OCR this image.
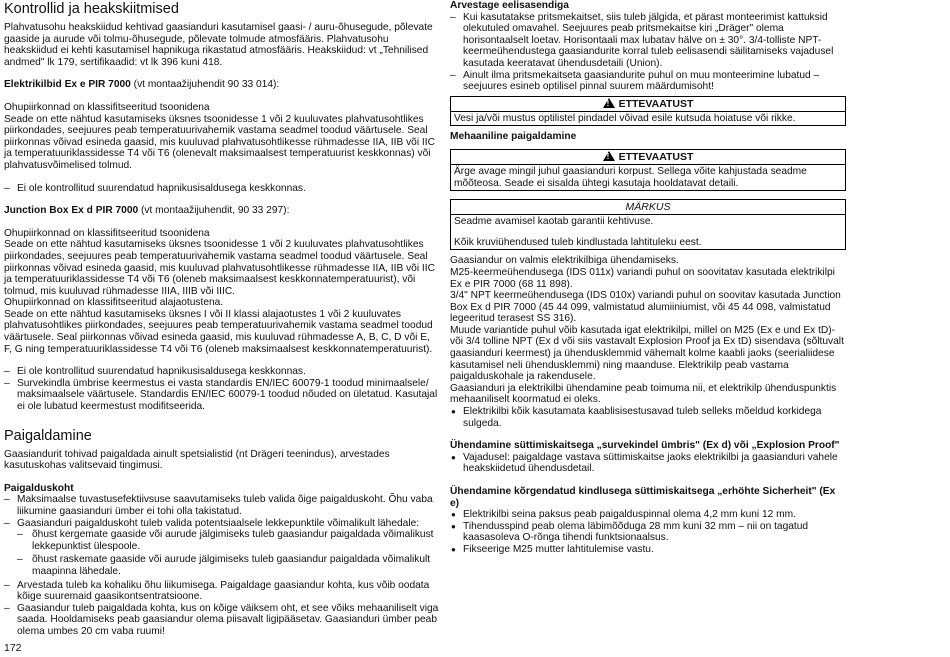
Kontrollid ja heakskiitmised

Plahvatusohu heakskiidud kehtivad gaasianduri kasutamisel gaasi- / auru-õhusegude, põlevate gaaside ja aurude või tolmu-õhusegude, põlevate tolmude atmosfääris. Plahvatusohu heakskiidud ei kehti kasutamisel hapnikuga rikastatud atmosfääris. Heakskiidud: vt „Tehnilised andmed" lk 179, sertifikaadid: vt lk 396 kuni 418.

Elektrikilbid Ex e PIR 7000 (vt montaažijuhendit 90 33 014):

Ohupiirkonnad on klassifitseeritud tsoonidena
Seade on ette nähtud kasutamiseks üksnes tsoonidesse 1 või 2 kuuluvates plahvatusohtlikes piirkondades, seejuures peab temperatuurivahemik vastama seadmel toodud väärtusele. Seal piirkonnas võivad esineda gaasid, mis kuuluvad plahvatusohtlikesse rühmadesse IIA, IIB või IIC ja temperatuuriklassidesse T4 või T6 (olenevalt maksimaalsest temperatuurist keskkonnas) või plahvatusvõimelised tolmud.

– Ei ole kontrollitud suurendatud hapnikusisaldusega keskkonnas.

Junction Box Ex d PIR 7000 (vt montaažijuhendit, 90 33 297):

Ohupiirkonnad on klassifitseeritud tsoonidena
Seade on ette nähtud kasutamiseks üksnes tsoonidesse 1 või 2 kuuluvates plahvatusohtlikes piirkondades, seejuures peab temperatuurivahemik vastama seadmel toodud väärtusele. Seal piirkonnas võivad esineda gaasid, mis kuuluvad plahvatusohtlikesse rühmadesse IIA, IIB või IIC ja temperatuuriklassidesse T4 või T6 (oleneb maksimaalsest keskkonnatemperatuurist), või tolmud, mis kuuluvad rühmadesse IIIA, IIIB või IIIC.
Ohupiirkonnad on klassifitseeritud alajaotustena.
Seade on ette nähtud kasutamiseks üksnes I või II klassi alajaotustes 1 või 2 kuuluvates plahvatusohtlikes piirkondades, seejuures peab temperatuurivahemik vastama seadmel toodud väärtusele. Seal piirkonnas võivad esineda gaasid, mis kuuluvad rühmadesse A, B, C, D või E, F, G ning temperatuuriklassidesse T4 või T6 (oleneb maksimaalsest keskkonnatemperatuurist).

– Ei ole kontrollitud suurendatud hapnikusisaldusega keskkonnas.
– Survekindla ümbrise keermestus ei vasta standardis EN/IEC 60079-1 toodud minimaalsele/ maksimaalsele väärtusele. Standardis EN/IEC 60079-1 toodud nõuded on ületatud. Kasutajal ei ole lubatud keermestust modifitseerida.

Paigaldamine

Gaasiandurit tohivad paigaldada ainult spetsialistid (nt Drägeri teenindus), arvestades kasutuskohas valitsevaid tingimusi.

Paigalduskoht

– Maksimaalse tuvastusefektiivsuse saavutamiseks tuleb valida õige paigalduskoht. Õhu vaba liikumine gaasianduri ümber ei tohi olla takistatud.
– Gaasianduri paigalduskoht tuleb valida potentsiaalsele lekkepunktile võimalikult lähedale:
– õhust kergemate gaaside või aurude jälgimiseks tuleb gaasiandur paigaldada võimalikust lekkepunktist ülespoole.
– õhust raskemate gaaside või aurude jälgimiseks tuleb gaasiandur paigaldada võimalikult maapinna lähedale.
– Arvestada tuleb ka kohaliku õhu liikumisega. Paigaldage gaasiandur kohta, kus võib oodata kõige suuremaid gaasikontsentratsioone.
– Gaasiandur tuleb paigaldada kohta, kus on kõige väiksem oht, et see võiks mehaaniliselt viga saada. Hooldamiseks peab gaasiandur olema piisavalt ligipääsetav. Gaasianduri ümber peab olema umbes 20 cm vaba ruumi!

Arvestage eelisasendiga

– Kui kasutatakse pritsmekaitset, siis tuleb jälgida, et pärast monteerimist kattuksid olekutuled omavahel. Seejuures peab pritsmekaitse kiri „Dräger" olema horisontaalselt loetav. Horisontaali max lubatav hälve on ± 30°. 3/4-tolliste NPT-keermeühendustega gaasiandurite korral tuleb eelisasendi säilitamiseks vajadusel kasutada keeratavat ühendusdetaili (Union).
– Ainult ilma pritsmekaitseta gaasiandurite puhul on muu monteerimine lubatud – seejuures esineb optilisel pinnal suurem määrdumisoht!
!ETTEVAATUST
Vesi ja/või mustus optilistel pindadel võivad esile kutsuda hoiatuse või rikke.

Mehaaniline paigaldamine

!ETTEVAATUST
Ärge avage mingil juhul gaasianduri korpust. Sellega võite kahjustada seadme mõõteosa. Seade ei sisalda ühtegi kasutaja hooldatavat detaili.
MÄRKUS

Seadme avamisel kaotab garantii kehtivuse.

Kõik kruviühendused tuleb kindlustada lahtituleku eest.

Gaasiandur on valmis elektrikilbiga ühendamiseks.
M25-keermeühendusega (IDS 011x) variandi puhul on soovitatav kasutada elektrikilpi Ex e PIR 7000 (68 11 898).
3/4" NPT keermeühendusega (IDS 010x) variandi puhul on soovitav kasutada Junction Box Ex d PIR 7000 (45 44 099, valmistatud alumiiniumist, või 45 44 098, valmistatud legeeritud terasest SS 316).
Muude variantide puhul võib kasutada igat elektrikilpi, millel on M25 (Ex e und Ex tD)- või 3/4 tolline NPT (Ex d või siis vastavalt Explosion Proof ja Ex tD) sisendava (sõltuvalt gaasianduri keermest) ja ühendusklemmid vähemalt kolme kaabli jaoks (seerialiidese kasutamisel neli ühendusklemmi) ning maanduse. Elektrikilp peab vastama paigalduskohale ja rakendusele.
Gaasianduri ja elektrikilbi ühendamine peab toimuma nii, et elektrikilp ühenduspunktis mehaaniliselt koormatud ei oleks.

● Elektrikilbi kõik kasutamata kaablisisestusavad tuleb selleks mõeldud korkidega sulgeda.

Ühendamine süttimiskaitsega „survekindel ümbris" (Ex d) või „Explosion Proof"

● Vajadusel: paigaldage vastava süttimiskaitse jaoks elektrikilbi ja gaasianduri vahele heakskiidetud ühendusdetail.

Ühendamine kõrgendatud kindlusega süttimiskaitsega „erhöhte Sicherheit" (Ex e)

● Elektrikilbi seina paksus peab paigalduspinnal olema 4,2 mm kuni 12 mm.
● Tihendusspind peab olema läbimõõduga 28 mm kuni 32 mm – nii on tagatud kaasasoleva O-rõnga tihendi funktsionaalsus.
● Fikseerige M25 mutter lahtitulemise vastu.
172
